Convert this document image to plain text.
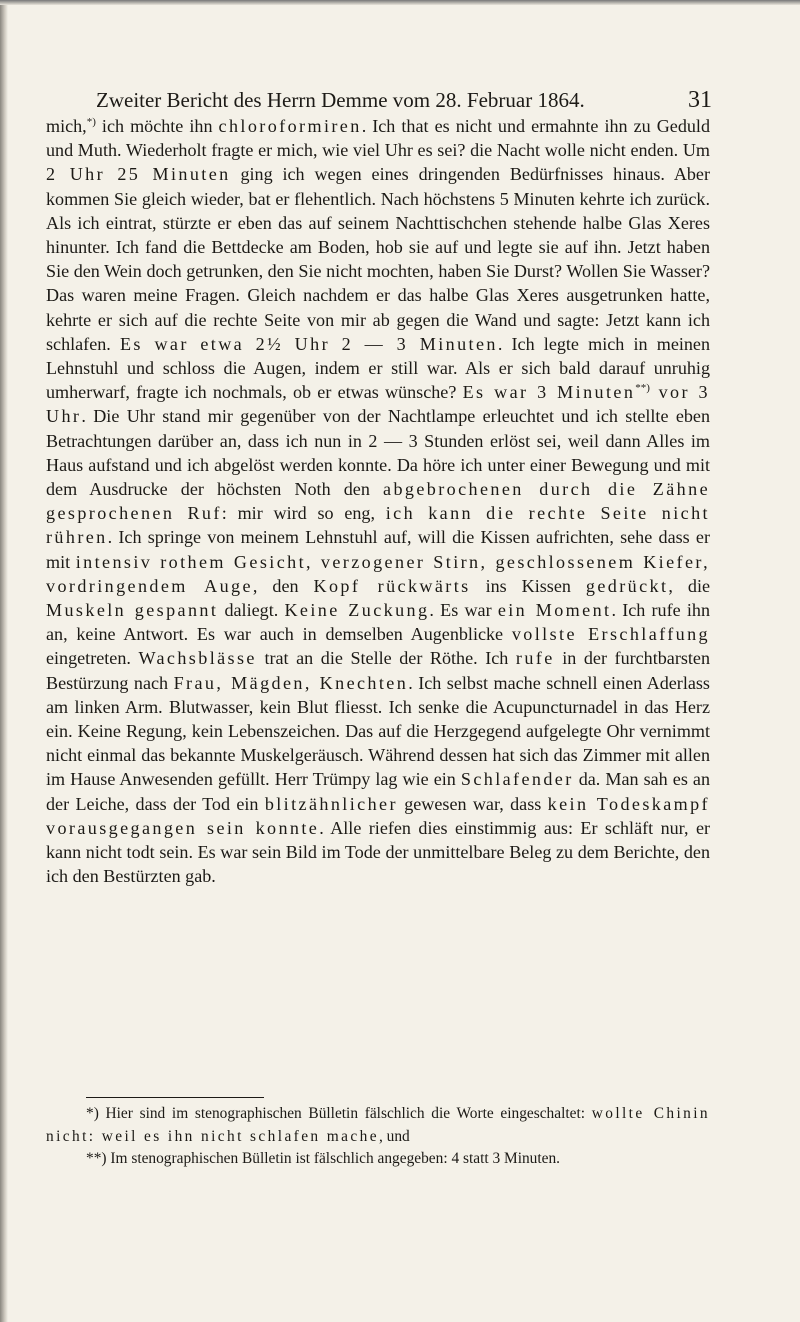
Zweiter Bericht des Herrn Demme vom 28. Februar 1864.	31

mich,*) ich möchte ihn chloroformiren. Ich that es nicht und ermahnte ihn zu Geduld und Muth. Wiederholt fragte er mich, wie viel Uhr es sei? die Nacht wolle nicht enden. Um 2 Uhr 25 Minuten ging ich wegen eines dringenden Bedürfnisses hinaus. Aber kommen Sie gleich wieder, bat er flehentlich. Nach höchstens 5 Minuten kehrte ich zurück. Als ich eintrat, stürzte er eben das auf seinem Nachttischchen stehende halbe Glas Xeres hinunter. Ich fand die Bettdecke am Boden, hob sie auf und legte sie auf ihn. Jetzt haben Sie den Wein doch getrunken, den Sie nicht mochten, haben Sie Durst? Wollen Sie Wasser? Das waren meine Fragen. Gleich nachdem er das halbe Glas Xeres ausgetrunken hatte, kehrte er sich auf die rechte Seite von mir ab gegen die Wand und sagte: Jetzt kann ich schlafen. Es war etwa 2½ Uhr 2 — 3 Minuten. Ich legte mich in meinen Lehnstuhl und schloss die Augen, indem er still war. Als er sich bald darauf unruhig umherwarf, fragte ich nochmals, ob er etwas wünsche? Es war 3 Minuten**) vor 3 Uhr. Die Uhr stand mir gegenüber von der Nachtlampe erleuchtet und ich stellte eben Betrachtungen darüber an, dass ich nun in 2 — 3 Stunden erlöst sei, weil dann Alles im Haus aufstand und ich abgelöst werden konnte. Da höre ich unter einer Bewegung und mit dem Ausdrucke der höchsten Noth den abgebrochenen durch die Zähne gesprochenen Ruf: mir wird so eng, ich kann die rechte Seite nicht rühren. Ich springe von meinem Lehnstuhl auf, will die Kissen aufrichten, sehe dass er mit intensiv rothem Gesicht, verzogener Stirn, geschlossenem Kiefer, vordringendem Auge, den Kopf rückwärts ins Kissen gedrückt, die Muskeln gespannt daliegt. Keine Zuckung. Es war ein Moment. Ich rufe ihn an, keine Antwort. Es war auch in demselben Augenblicke vollste Erschlaffung eingetreten. Wachsblässe trat an die Stelle der Röthe. Ich rufe in der furchtbarsten Bestürzung nach Frau, Mägden, Knechten. Ich selbst mache schnell einen Aderlass am linken Arm. Blutwasser, kein Blut fliesst. Ich senke die Acupuncturnadel in das Herz ein. Keine Regung, kein Lebenszeichen. Das auf die Herzgegend aufgelegte Ohr vernimmt nicht einmal das bekannte Muskelgeräusch. Während dessen hat sich das Zimmer mit allen im Hause Anwesenden gefüllt. Herr Trümpy lag wie ein Schlafender da. Man sah es an der Leiche, dass der Tod ein blitzähnlicher gewesen war, dass kein Todeskampf vorausgegangen sein konnte. Alle riefen dies einstimmig aus: Er schläft nur, er kann nicht todt sein. Es war sein Bild im Tode der unmittelbare Beleg zu dem Berichte, den ich den Bestürzten gab.

*) Hier sind im stenographischen Bülletin fälschlich die Worte eingeschaltet: wollte Chinin nicht: weil es ihn nicht schlafen mache, und

**) Im stenographischen Bülletin ist fälschlich angegeben: 4 statt 3 Minuten.
